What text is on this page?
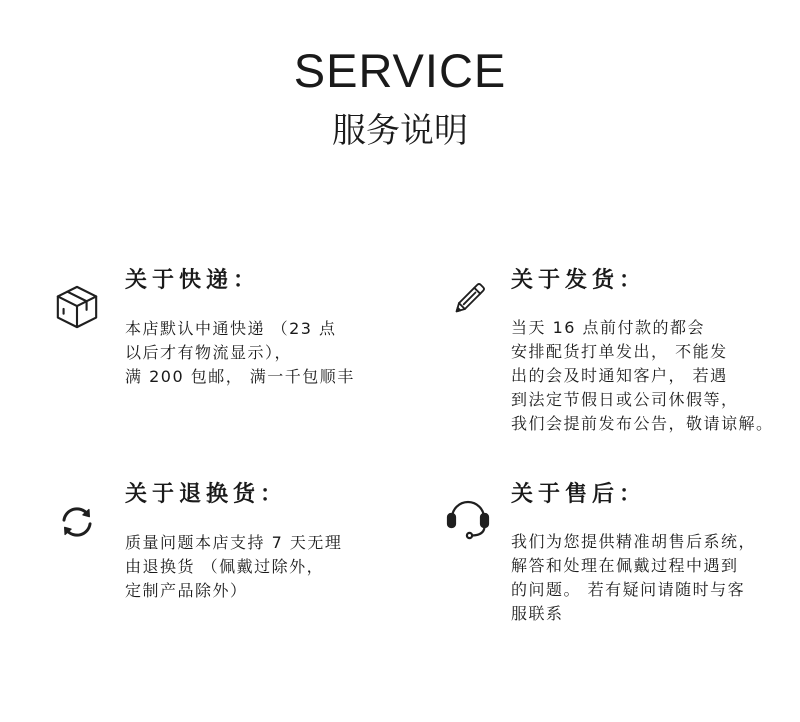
SERVICE
服务说明
关于快递：
本店默认中通快递 （23 点
以后才有物流显示），
满 200 包邮， 满一千包顺丰
关于发货：
当天 16 点前付款的都会
安排配货打单发出， 不能发
出的会及时通知客户， 若遇
到法定节假日或公司休假等，
我们会提前发布公告，敬请谅解。
关于退换货：
质量问题本店支持 7 天无理
由退换货 （佩戴过除外，
定制产品除外）
关于售后：
我们为您提供精准胡售后系统，
解答和处理在佩戴过程中遇到
的问题。 若有疑问请随时与客
服联系
